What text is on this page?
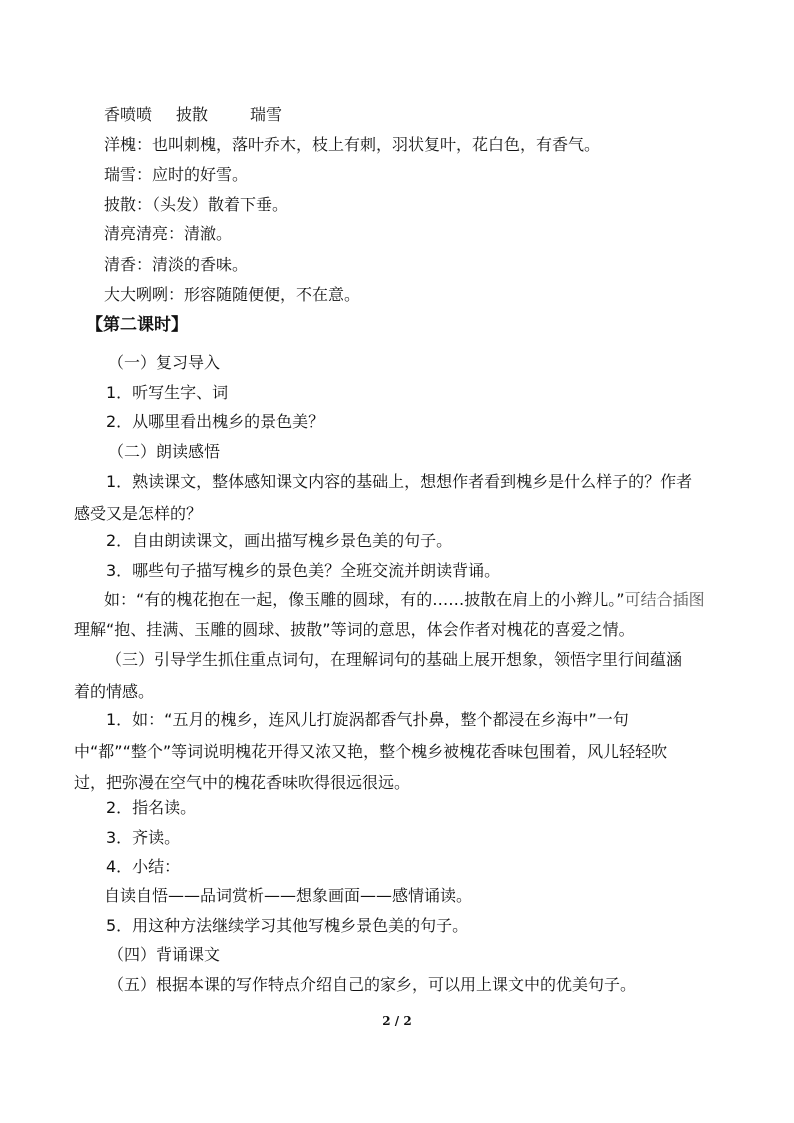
香喷喷 披散	瑞雪

洋槐：也叫刺槐，落叶乔木，枝上有刺，羽状复叶，花白色，有香气。

瑞雪：应时的好雪。

披散：（头发）散着下垂。

清亮清亮：清澈。

清香：清淡的香味。

大大咧咧：形容随随便便，不在意。

【第二课时】

（一）复习导入

1．听写生字、词

2．从哪里看出槐乡的景色美？

（二）朗读感悟

1．熟读课文，整体感知课文内容的基础上，想想作者看到槐乡是什么样子的？作者感受又是怎样的？

2．自由朗读课文，画出描写槐乡景色美的句子。

3．哪些句子描写槐乡的景色美？全班交流并朗读背诵。

如：“有的槐花抱在一起，像玉雕的圆球，有的……披散在肩上的小辫儿。”可结合插图

理解“抱、挂满、玉雕的圆球、披散”等词的意思，体会作者对槐花的喜爱之情。

（三）引导学生抓住重点词句，在理解词句的基础上展开想象，领悟字里行间蕴涵着的情感。

1．如：“五月的槐乡，连风儿打旋涡都香气扑鼻，整个都浸在乡海中”一句中“都”“整个”等词说明槐花开得又浓又艳，整个槐乡被槐花香味包围着，风儿轻轻吹过，把弥漫在空气中的槐花香味吹得很远很远。

2．指名读。

3．齐读。

4．小结：

自读自悟——品词赏析——想象画面——感情诵读。

5．用这种方法继续学习其他写槐乡景色美的句子。

（四）背诵课文

（五）根据本课的写作特点介绍自己的家乡，可以用上课文中的优美句子。

2 / 2
